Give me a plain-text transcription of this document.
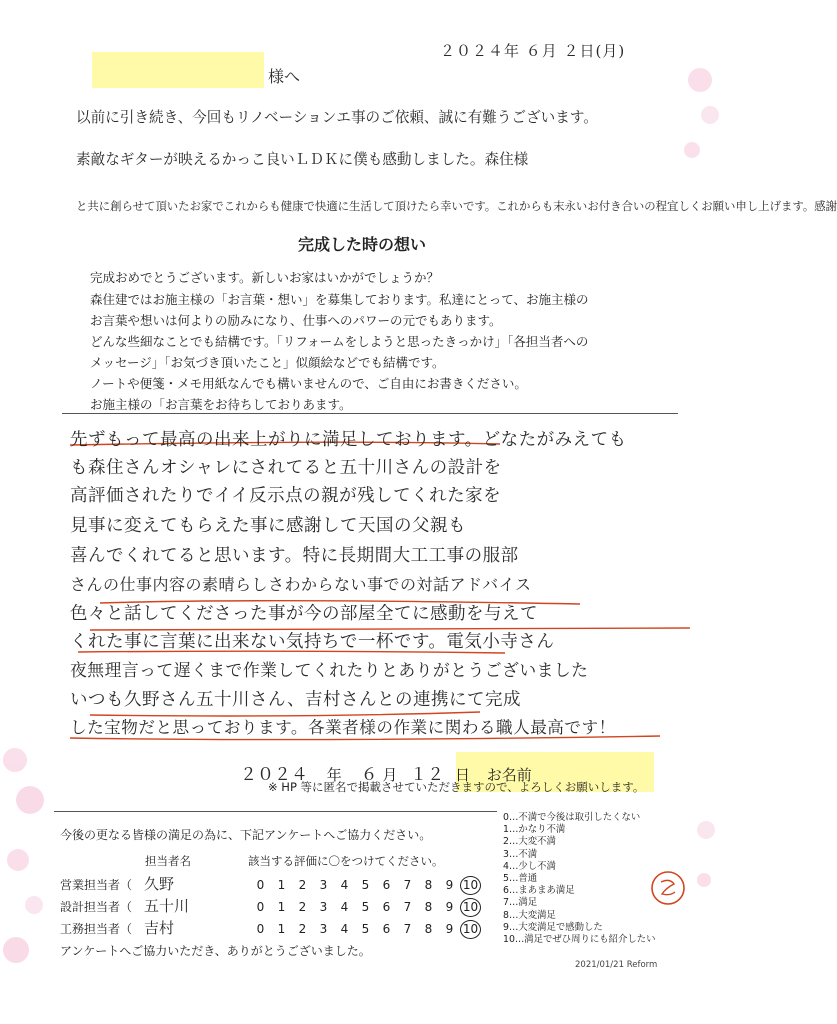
２０２４年 ６月 ２日(月)
様へ
以前に引き続き、今回もリノベーションエ事のご依頼、誠に有難うございます。
素敵なギターが映えるかっこ良いＬＤＫに僕も感動しました。森住様
と共に創らせて頂いたお家でこれからも健康で快適に生活して頂けたら幸いです。これからも末永いお付き合いの程宜しくお願い申し上げます。感謝
完成した時の想い
完成おめでとうございます。新しいお家はいかがでしょうか？
森住建ではお施主様の「お言葉・想い」を募集しております。私達にとって、お施主様の
お言葉や想いは何よりの励みになり、仕事へのパワーの元でもあります。
どんな些細なことでも結構です。「リフォームをしようと思ったきっかけ」「各担当者への
メッセージ」「お気づき頂いたこと」似顔絵などでも結構です。
ノートや便箋・メモ用紙なんでも構いませんので、ご自由にお書きください。
お施主様の「お言葉をお待ちしておりあます。
先ずもって最高の出来上がりに満足しております。どなたがみえても
も森住さんオシャレにされてると五十川さんの設計を
高評価されたりでイイ反示点の親が残してくれた家を
見事に変えてもらえた事に感謝して天国の父親も
喜んでくれてると思います。特に長期間大工工事の服部
さんの仕事内容の素晴らしさわからない事での対話アドバイス
色々と話してくださった事が今の部屋全てに感動を与えて
くれた事に言葉に出来ない気持ちで一杯です。電気小寺さん
夜無理言って遅くまで作業してくれたりとありがとうございました
いつも久野さん五十川さん、吉村さんとの連携にて完成
した宝物だと思っております。各業者様の作業に関わる職人最高です！
２０２４ 年 ６ 月 １２ 日 お名前
※ HP 等に匿名で掲載させていただきますので、よろしくお願いします。
今後の更なる皆様の満足の為に、下記アンケートへご協力ください。
担当者名	該当する評価に〇をつけてください。
営業担当者（ 久野	0 1 2 3 4 5 6 7 8 9 10
設計担当者（ 五十川	0 1 2 3 4 5 6 7 8 9 10
工務担当者（ 吉村	0 1 2 3 4 5 6 7 8 9 10
アンケートへご協力いただき、ありがとうございました。
0…不満で今後は取引したくない
1…かなり不満
2…大変不満
3…不満
4…少し不満
5…普通
6…まあまあ満足
7…満足
8…大変満足
9…大変満足で感動した
10…満足でぜひ周りにも紹介したい
2021/01/21 Reform
